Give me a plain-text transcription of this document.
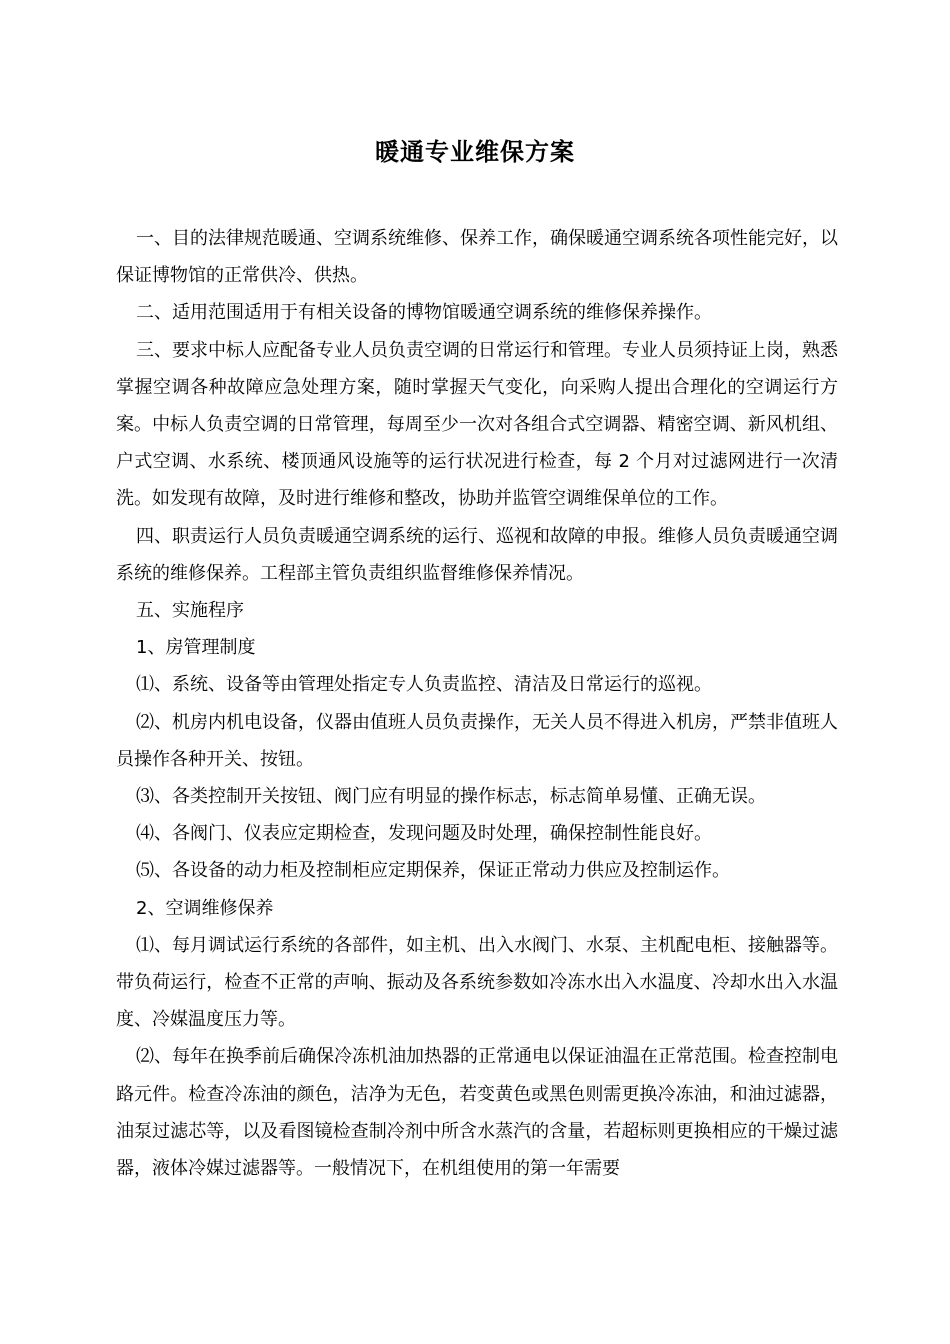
暖通专业维保方案

一、目的法律规范暖通、空调系统维修、保养工作，确保暖通空调系统各项性能完好，以保证博物馆的正常供冷、供热。

二、适用范围适用于有相关设备的博物馆暖通空调系统的维修保养操作。

三、要求中标人应配备专业人员负责空调的日常运行和管理。专业人员须持证上岗，熟悉掌握空调各种故障应急处理方案，随时掌握天气变化，向采购人提出合理化的空调运行方案。中标人负责空调的日常管理，每周至少一次对各组合式空调器、精密空调、新风机组、户式空调、水系统、楼顶通风设施等的运行状况进行检查，每 2 个月对过滤网进行一次清洗。如发现有故障，及时进行维修和整改，协助并监管空调维保单位的工作。

四、职责运行人员负责暖通空调系统的运行、巡视和故障的申报。维修人员负责暖通空调系统的维修保养。工程部主管负责组织监督维修保养情况。

五、实施程序

1、房管理制度

⑴、系统、设备等由管理处指定专人负责监控、清洁及日常运行的巡视。

⑵、机房内机电设备，仪器由值班人员负责操作，无关人员不得进入机房，严禁非值班人员操作各种开关、按钮。

⑶、各类控制开关按钮、阀门应有明显的操作标志，标志简单易懂、正确无误。

⑷、各阀门、仪表应定期检查，发现问题及时处理，确保控制性能良好。

⑸、各设备的动力柜及控制柜应定期保养，保证正常动力供应及控制运作。

2、空调维修保养

⑴、每月调试运行系统的各部件，如主机、出入水阀门、水泵、主机配电柜、接触器等。带负荷运行，检查不正常的声响、振动及各系统参数如冷冻水出入水温度、冷却水出入水温度、冷媒温度压力等。

⑵、每年在换季前后确保冷冻机油加热器的正常通电以保证油温在正常范围。检查控制电路元件。检查冷冻油的颜色，洁净为无色，若变黄色或黑色则需更换冷冻油，和油过滤器，油泵过滤芯等，以及看图镜检查制冷剂中所含水蒸汽的含量，若超标则更换相应的干燥过滤器，液体冷媒过滤器等。一般情况下，在机组使用的第一年需要
